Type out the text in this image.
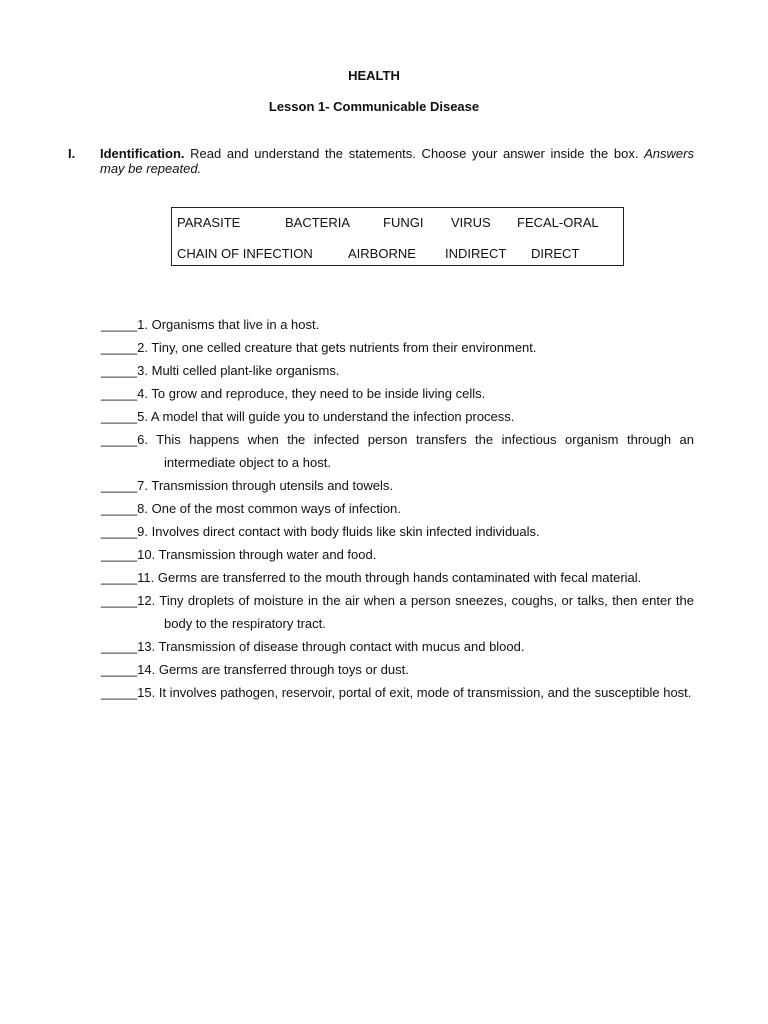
HEALTH
Lesson 1- Communicable Disease
I. Identification. Read and understand the statements. Choose your answer inside the box. Answers may be repeated.
PARASITE	BACTERIA	FUNGI VIRUS FECAL-ORAL
CHAIN OF INFECTION	AIRBORNE INDIRECT DIRECT
_____1. Organisms that live in a host.
_____2. Tiny, one celled creature that gets nutrients from their environment.
_____3. Multi celled plant-like organisms.
_____4. To grow and reproduce, they need to be inside living cells.
_____5. A model that will guide you to understand the infection process.
_____6. This happens when the infected person transfers the infectious organism through an intermediate object to a host.
_____7. Transmission through utensils and towels.
_____8. One of the most common ways of infection.
_____9. Involves direct contact with body fluids like skin infected individuals.
_____10. Transmission through water and food.
_____11. Germs are transferred to the mouth through hands contaminated with fecal material.
_____12. Tiny droplets of moisture in the air when a person sneezes, coughs, or talks, then enter the body to the respiratory tract.
_____13. Transmission of disease through contact with mucus and blood.
_____14. Germs are transferred through toys or dust.
_____15. It involves pathogen, reservoir, portal of exit, mode of transmission, and the susceptible host.
